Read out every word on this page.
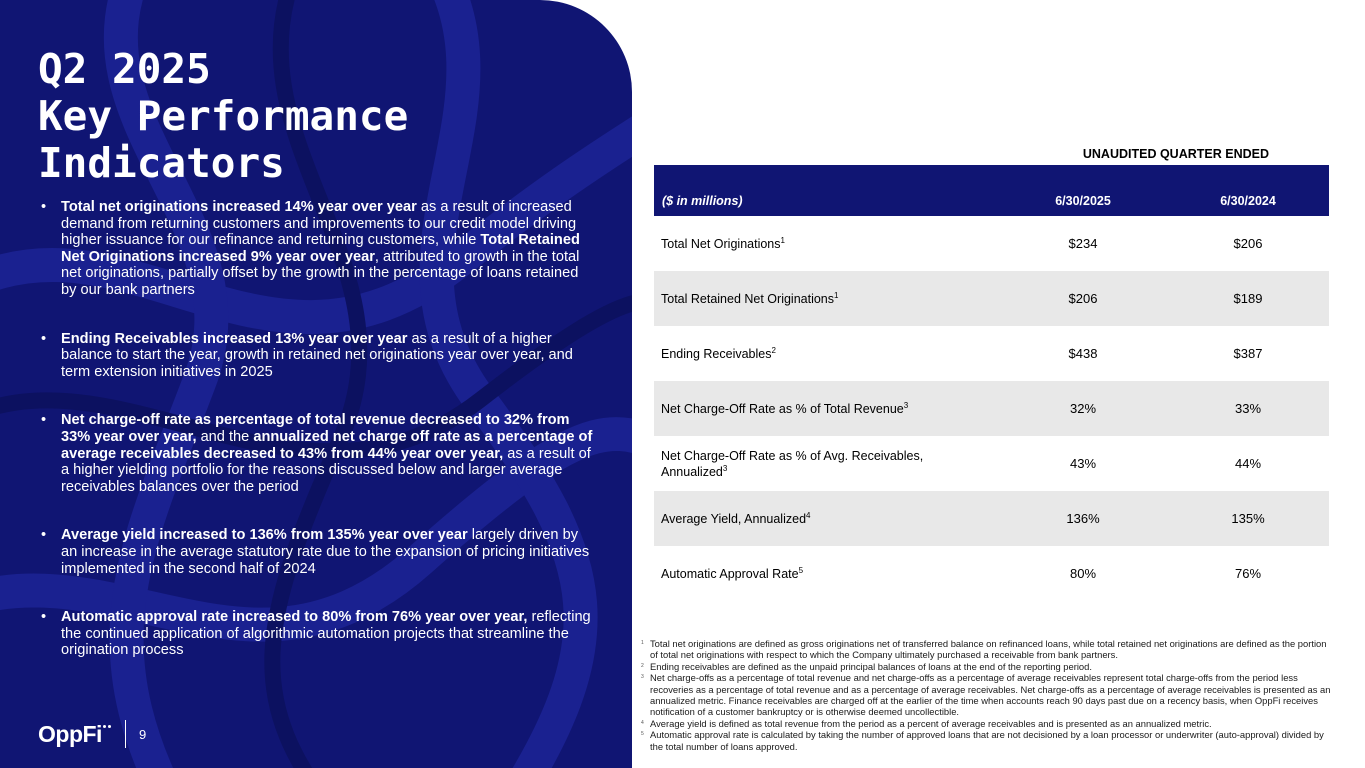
Q2 2025
Key Performance
Indicators
• Total net originations increased 14% year over year as a result of increased demand from returning customers and improvements to our credit model driving higher issuance for our refinance and returning customers, while Total Retained Net Originations increased 9% year over year, attributed to growth in the total net originations, partially offset by the growth in the percentage of loans retained by our bank partners
• Ending Receivables increased 13% year over year as a result of a higher balance to start the year, growth in retained net originations year over year, and term extension initiatives in 2025
• Net charge-off rate as percentage of total revenue decreased to 32% from 33% year over year, and the annualized net charge off rate as a percentage of average receivables decreased to 43% from 44% year over year, as a result of a higher yielding portfolio for the reasons discussed below and larger average receivables balances over the period
• Average yield increased to 136% from 135% year over year largely driven by an increase in the average statutory rate due to the expansion of pricing initiatives implemented in the second half of 2024
• Automatic approval rate increased to 80% from 76% year over year, reflecting the continued application of algorithmic automation projects that streamline the origination process
OppFi	9
UNAUDITED QUARTER ENDED
($ in millions)	6/30/2025	6/30/2024
Total Net Originations$^1$	$234	$206
Total Retained Net Originations$^1$	$206	$189
Ending Receivables$^2$	$438	$387
Net Charge-Off Rate as % of Total Revenue$^3$	32%	33%
Net Charge-Off Rate as % of Avg. Receivables, Annualized$^3$	43%	44%
Average Yield, Annualized$^4$	136%	135%
Automatic Approval Rate$^5$	80%	76%
1 Total net originations are defined as gross originations net of transferred balance on refinanced loans, while total retained net originations are defined as the portion of total net originations with respect to which the Company ultimately purchased a receivable from bank partners.
2 Ending receivables are defined as the unpaid principal balances of loans at the end of the reporting period.
3 Net charge-offs as a percentage of total revenue and net charge-offs as a percentage of average receivables represent total charge-offs from the period less recoveries as a percentage of total revenue and as a percentage of average receivables. Net charge-offs as a percentage of average receivables is presented as an annualized metric. Finance receivables are charged off at the earlier of the time when accounts reach 90 days past due on a recency basis, when OppFi receives notification of a customer bankruptcy or is otherwise deemed uncollectible.
4 Average yield is defined as total revenue from the period as a percent of average receivables and is presented as an annualized metric.
5 Automatic approval rate is calculated by taking the number of approved loans that are not decisioned by a loan processor or underwriter (auto-approval) divided by the total number of loans approved.
